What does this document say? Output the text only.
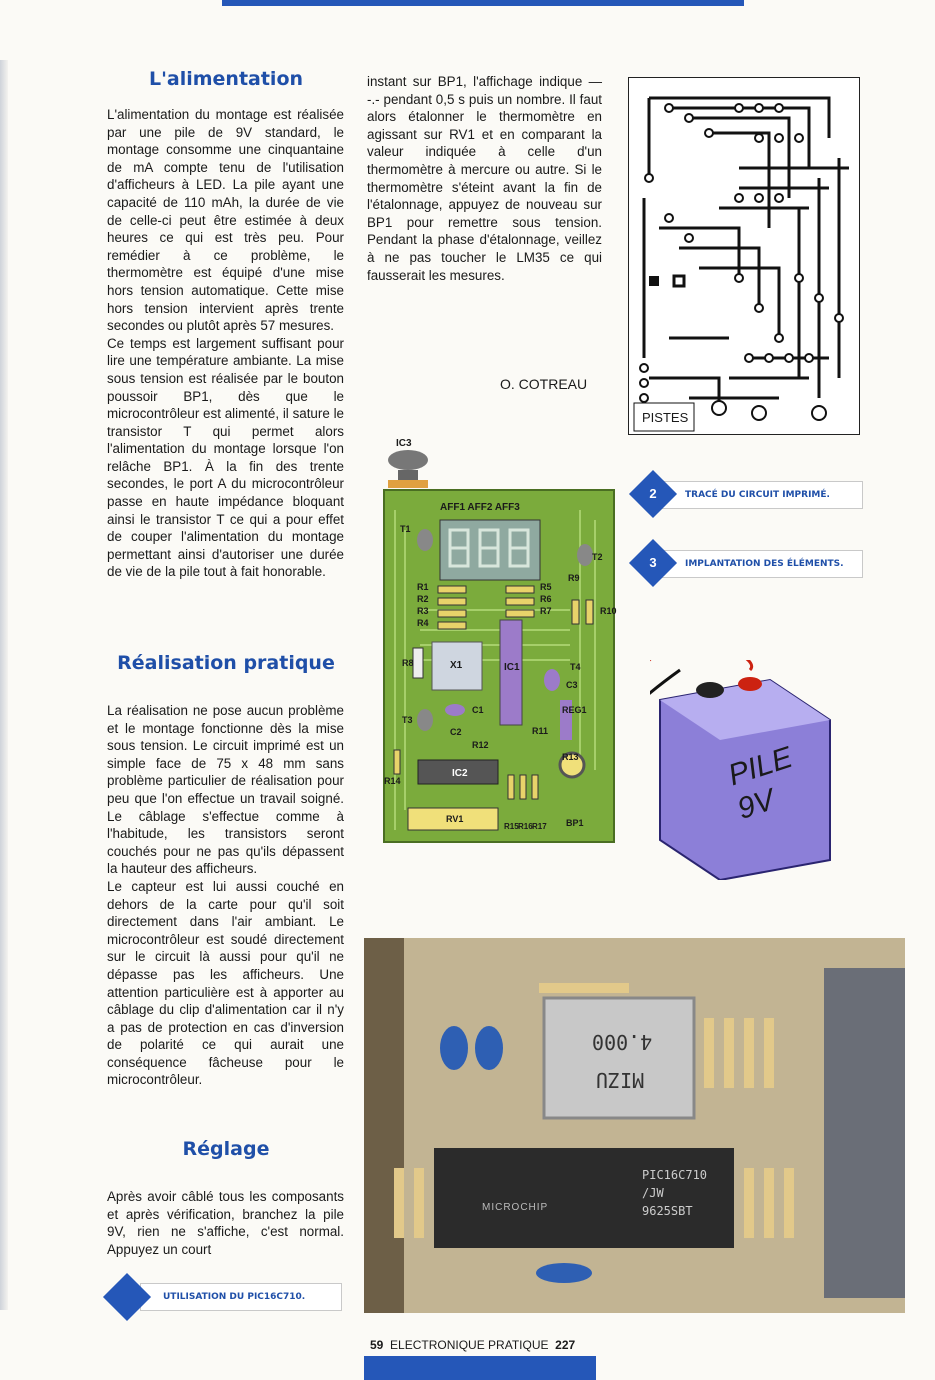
L'alimentation

L'alimentation du montage est réalisée par une pile de 9V standard, le montage consomme une cinquantaine de mA compte tenu de l'utilisation d'afficheurs à LED. La pile ayant une capacité de 110 mAh, la durée de vie de celle-ci peut être estimée à deux heures ce qui est très peu. Pour remédier à ce problème, le thermomètre est équipé d'une mise hors tension automatique. Cette mise hors tension intervient après trente secondes ou plutôt après 57 mesures.

Ce temps est largement suffisant pour lire une température ambiante. La mise sous tension est réalisée par le bouton poussoir BP1, dès que le microcontrôleur est alimenté, il sature le transistor T qui permet alors l'alimentation du montage lorsque l'on relâche BP1. À la fin des trente secondes, le port A du microcontrôleur passe en haute impédance bloquant ainsi le transistor T ce qui a pour effet de couper l'alimentation du montage permettant ainsi d'autoriser une durée de vie de la pile tout à fait honorable.

Réalisation pratique

La réalisation ne pose aucun problème et le montage fonctionne dès la mise sous tension. Le circuit imprimé est un simple face de 75 x 48 mm sans problème particulier de réalisation pour peu que l'on effectue un travail soigné. Le câblage s'effectue comme à l'habitude, les transistors seront couchés pour ne pas qu'ils dépassent la hauteur des afficheurs.

Le capteur est lui aussi couché en dehors de la carte pour qu'il soit directement dans l'air ambiant. Le microcontrôleur est soudé directement sur le circuit là aussi pour qu'il ne dépasse pas les afficheurs. Une attention particulière est à apporter au câblage du clip d'alimentation car il n'y a pas de protection en cas d'inversion de polarité ce qui aurait une conséquence fâcheuse pour le microcontrôleur.

Réglage

Après avoir câblé tous les composants et après vérification, branchez la pile 9V, rien ne s'affiche, c'est normal. Appuyez un court

UTILISATION DU PIC16C710.

instant sur BP1, l'affichage indique — -.- pendant 0,5 s puis un nombre. Il faut alors étalonner le thermomètre en agissant sur RV1 et en comparant la valeur indiquée à celle d'un thermomètre à mercure ou autre. Si le thermomètre s'éteint avant la fin de l'étalonnage, appuyez de nouveau sur BP1 pour remettre sous tension. Pendant la phase d'étalonnage, veillez à ne pas toucher le LM35 ce qui fausserait les mesures.

O. COTREAU
PISTES
TRACÉ DU CIRCUIT IMPRIMÉ.
2
IMPLANTATION DES ÉLÉMENTS.
3
IC3
AFF1 AFF2 AFF3
T1
T2
R9
R10
R1
R2
R3
R4
R5
R6
R7
R8	X1	IC1	T4
C3
C1
C2
T3
REG1
R11
R12
R13
IC2
R14
RV1
R15 R16 R17 BP1
PILE
9V
4.000
MIZU
MICROCHIP
PIC16C710
/JW
9625SBT
59 ELECTRONIQUE PRATIQUE 227
